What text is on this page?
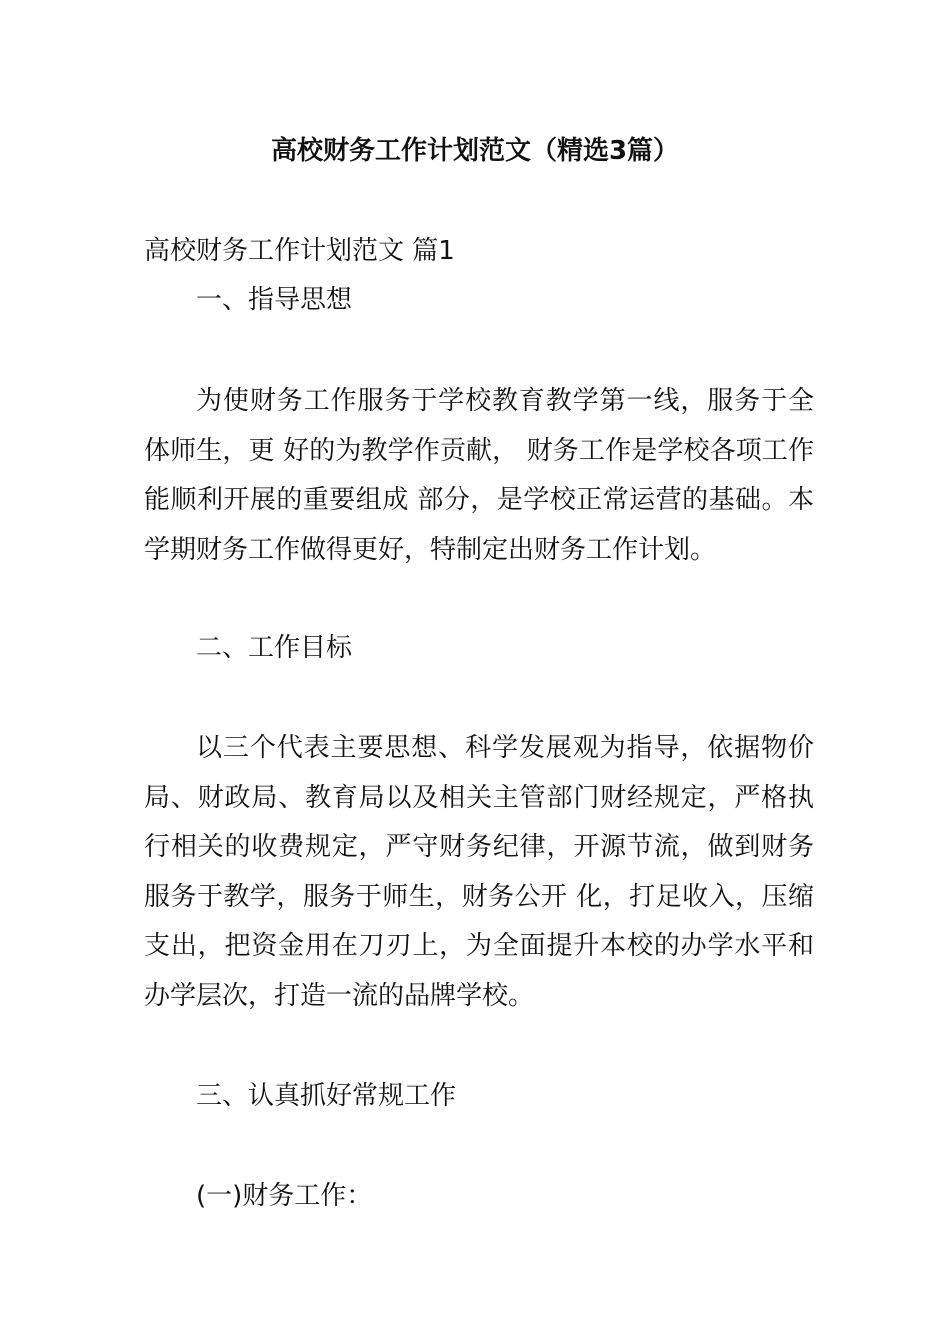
高校财务工作计划范文（精选3篇）
高校财务工作计划范文 篇1
一、指导思想
为使财务工作服务于学校教育教学第一线，服务于全体师生，更 好的为教学作贡献， 财务工作是学校各项工作能顺利开展的重要组成 部分，是学校正常运营的基础。本学期财务工作做得更好，特制定出财务工作计划。
二、工作目标
以三个代表主要思想、科学发展观为指导，依据物价局、财政局、教育局以及相关主管部门财经规定，严格执行相关的收费规定，严守财务纪律，开源节流，做到财务服务于教学，服务于师生，财务公开 化，打足收入，压缩支出，把资金用在刀刃上，为全面提升本校的办学水平和办学层次，打造一流的品牌学校。
三、认真抓好常规工作
(一)财务工作：
